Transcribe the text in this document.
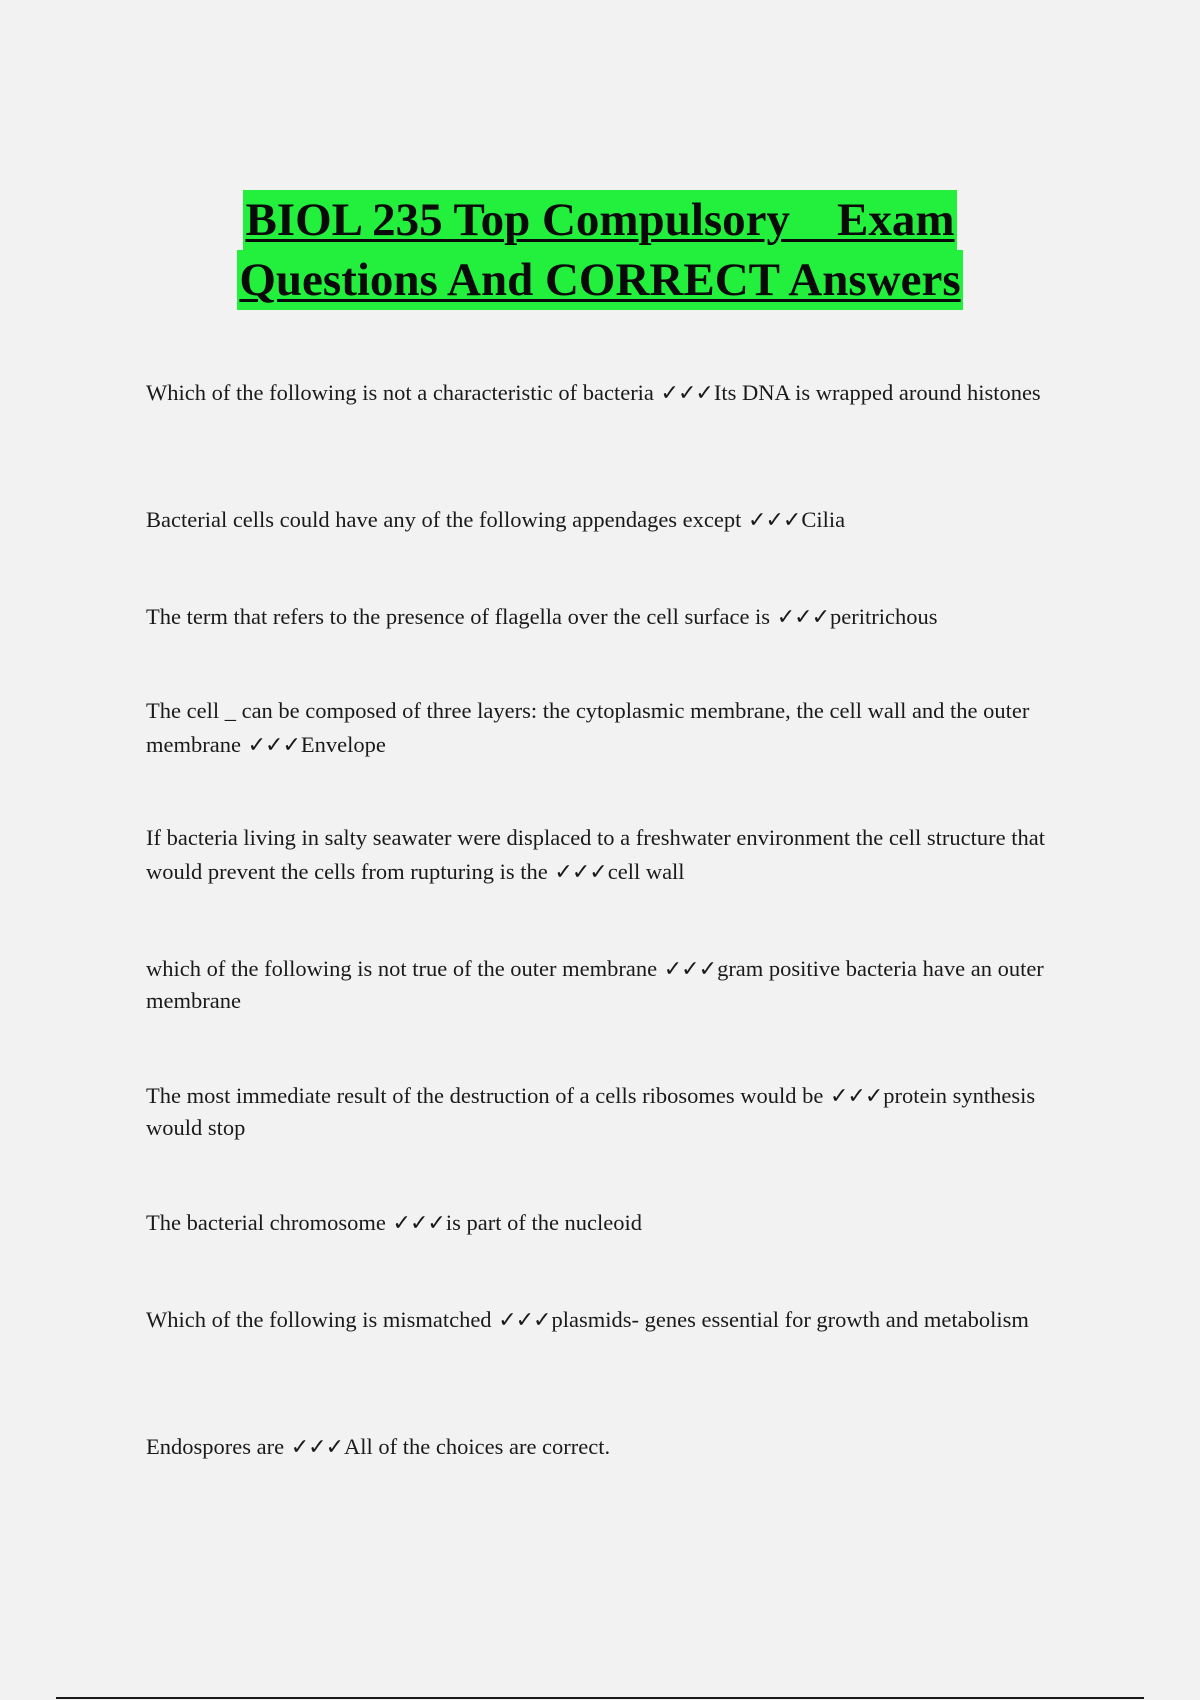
BIOL 235 Top Compulsory    Exam
Questions And CORRECT Answers
Which of the following is not a characteristic of bacteria ✓✓✓Its DNA is wrapped around histones
Bacterial cells could have any of the following appendages except ✓✓✓Cilia
The term that refers to the presence of flagella over the cell surface is ✓✓✓peritrichous
The cell _ can be composed of three layers: the cytoplasmic membrane, the cell wall and the outer membrane ✓✓✓Envelope
If bacteria living in salty seawater were displaced to a freshwater environment the cell structure that would prevent the cells from rupturing is the ✓✓✓cell wall
which of the following is not true of the outer membrane ✓✓✓gram positive bacteria have an outer membrane
The most immediate result of the destruction of a cells ribosomes would be ✓✓✓protein synthesis would stop
The bacterial chromosome ✓✓✓is part of the nucleoid
Which of the following is mismatched ✓✓✓plasmids- genes essential for growth and metabolism
Endospores are ✓✓✓All of the choices are correct.
